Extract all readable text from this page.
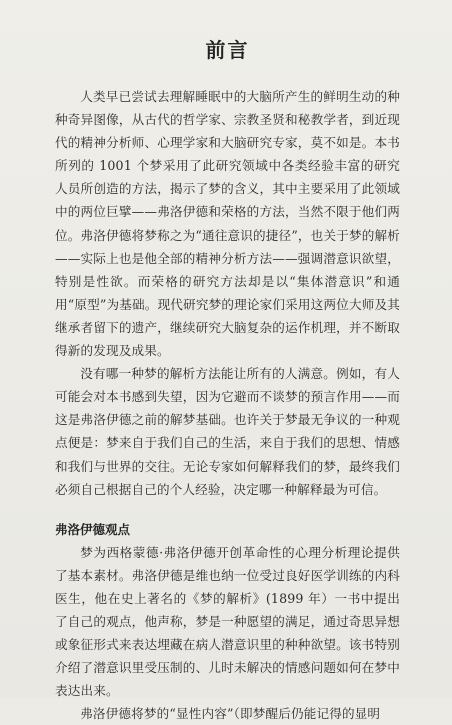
前言

人类早已尝试去理解睡眠中的大脑所产生的鲜明生动的种种奇异图像，从古代的哲学家、宗教圣贤和秘教学者，到近现代的精神分析师、心理学家和大脑研究专家，莫不如是。本书所列的 1001 个梦采用了此研究领域中各类经验丰富的研究人员所创造的方法，揭示了梦的含义，其中主要采用了此领域中的两位巨擘——弗洛伊德和荣格的方法，当然不限于他们两位。弗洛伊德将梦称之为“通往意识的捷径”，也关于梦的解析——实际上也是他全部的精神分析方法——强调潜意识欲望，特别是性欲。而荣格的研究方法却是以“集体潜意识”和通用“原型”为基础。现代研究梦的理论家们采用这两位大师及其继承者留下的遗产，继续研究大脑复杂的运作机理，并不断取得新的发现及成果。

没有哪一种梦的解析方法能让所有的人满意。例如，有人可能会对本书感到失望，因为它避而不谈梦的预言作用——而这是弗洛伊德之前的解梦基础。也许关于梦最无争议的一种观点便是：梦来自于我们自己的生活，来自于我们的思想、情感和我们与世界的交往。无论专家如何解释我们的梦，最终我们必须自己根据自己的个人经验，决定哪一种解释最为可信。

弗洛伊德观点

梦为西格蒙德·弗洛伊德开创革命性的心理分析理论提供了基本素材。弗洛伊德是维也纳一位受过良好医学训练的内科医生，他在史上著名的《梦的解析》(1899 年）一书中提出了自己的观点，他声称，梦是一种愿望的满足，通过奇思异想或象征形式来表达埋藏在病人潜意识里的种种欲望。该书特别介绍了潜意识里受压制的、儿时未解决的情感问题如何在梦中表达出来。

弗洛伊德将梦的“显性内容”（即梦醒后仍能记得的显明
